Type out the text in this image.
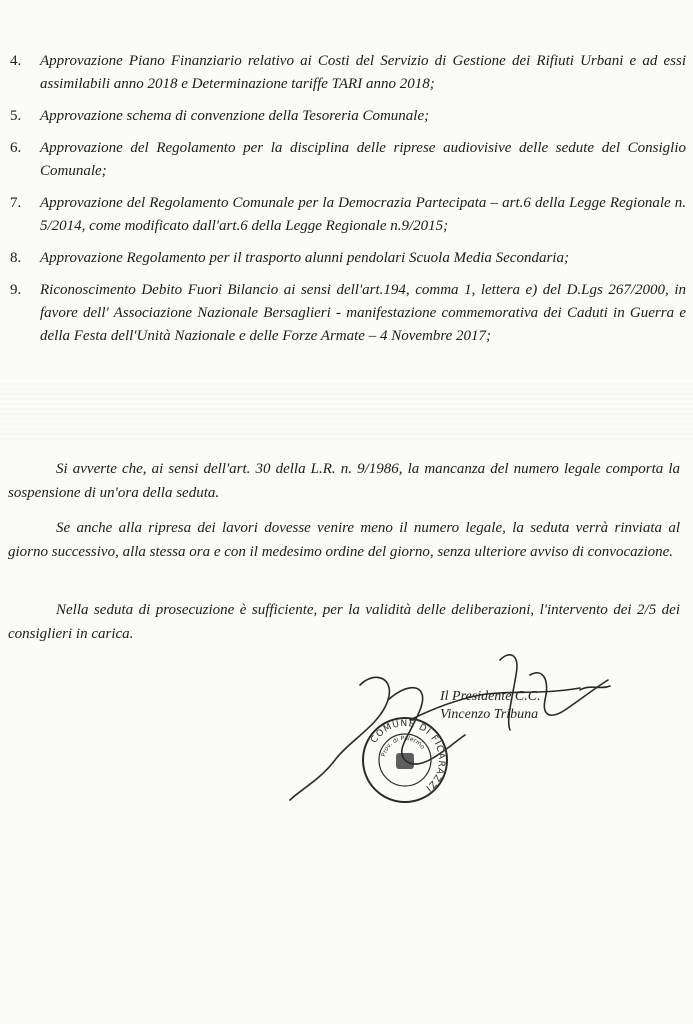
4. Approvazione Piano Finanziario relativo ai Costi del Servizio di Gestione dei Rifiuti Urbani e ad essi assimilabili anno 2018 e Determinazione tariffe TARI anno 2018;
5. Approvazione schema di convenzione della Tesoreria Comunale;
6. Approvazione del Regolamento per la disciplina delle riprese audiovisive delle sedute del Consiglio Comunale;
7. Approvazione del Regolamento Comunale per la Democrazia Partecipata – art.6 della Legge Regionale n. 5/2014, come modificato dall'art.6 della Legge Regionale n.9/2015;
8. Approvazione Regolamento per il trasporto alunni pendolari Scuola Media Secondaria;
9. Riconoscimento Debito Fuori Bilancio ai sensi dell'art.194, comma 1, lettera e) del D.Lgs 267/2000, in favore dell' Associazione Nazionale Bersaglieri - manifestazione commemorativa dei Caduti in Guerra e della Festa dell'Unità Nazionale e delle Forze Armate – 4 Novembre 2017;

Si avverte che, ai sensi dell'art. 30 della L.R. n. 9/1986, la mancanza del numero legale comporta la sospensione di un'ora della seduta.

Se anche alla ripresa dei lavori dovesse venire meno il numero legale, la seduta verrà rinviata al giorno successivo, alla stessa ora e con il medesimo ordine del giorno, senza ulteriore avviso di convocazione.

Nella seduta di prosecuzione è sufficiente, per la validità delle deliberazioni, l'intervento dei 2/5 dei consiglieri in carica.

COMUNE DI FICARAZZI
Prov. di Palermo
Il Presidente C.C.
Vincenzo Tribuna
